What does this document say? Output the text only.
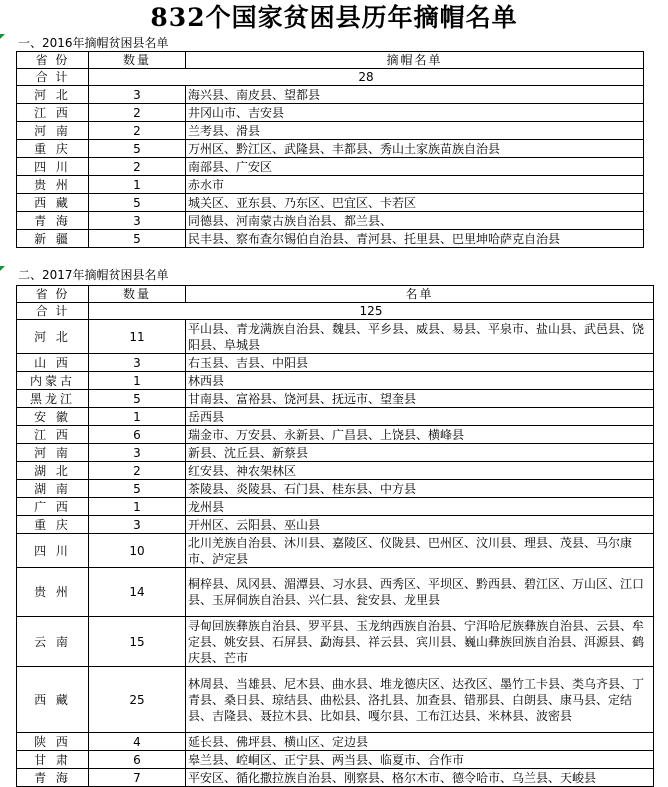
832个国家贫困县历年摘帽名单
一、2016年摘帽贫困县名单
省 份	数量	摘帽名单
合 计	28	
河 北	3	海兴县、南皮县、望都县
江 西	2	井冈山市、吉安县
河 南	2	兰考县、滑县
重 庆	5	万州区、黔江区、武隆县、丰都县、秀山土家族苗族自治县
四 川	2	南部县、广安区
贵 州	1	赤水市
西 藏	5	城关区、亚东县、乃东区、巴宜区、卡若区
青 海	3	同德县、河南蒙古族自治县、都兰县、
新 疆	5	民丰县、察布查尔锡伯自治县、青河县、托里县、巴里坤哈萨克自治县
二、2017年摘帽贫困县名单
省 份	数量	名单
合 计	125	
河 北	11	平山县、青龙满族自治县、魏县、平乡县、威县、易县、平泉市、盐山县、武邑县、饶阳县、阜城县
山 西	3	右玉县、吉县、中阳县
内蒙古	1	林西县
黑龙江	5	甘南县、富裕县、饶河县、抚远市、望奎县
安 徽	1	岳西县
江 西	6	瑞金市、万安县、永新县、广昌县、上饶县、横峰县
河 南	3	新县、沈丘县、新蔡县
湖 北	2	红安县、神农架林区
湖 南	5	茶陵县、炎陵县、石门县、桂东县、中方县
广 西	1	龙州县
重 庆	3	开州区、云阳县、巫山县
四 川	10	北川羌族自治县、沐川县、嘉陵区、仪陇县、巴州区、汶川县、理县、茂县、马尔康市、泸定县
贵 州	14	桐梓县、凤冈县、湄潭县、习水县、西秀区、平坝区、黔西县、碧江区、万山区、江口县、玉屏侗族自治县、兴仁县、瓮安县、龙里县
云 南	15	寻甸回族彝族自治县、罗平县、玉龙纳西族自治县、宁洱哈尼族彝族自治县、云县、牟定县、姚安县、石屏县、勐海县、祥云县、宾川县、巍山彝族回族自治县、洱源县、鹤庆县、芒市
西 藏	25	林周县、当雄县、尼木县、曲水县、堆龙德庆区、达孜区、墨竹工卡县、类乌齐县、丁青县、桑日县、琼结县、曲松县、洛扎县、加查县、错那县、白朗县、康马县、定结县、吉隆县、聂拉木县、比如县、嘎尔县、工布江达县、米林县、波密县
陕 西	4	延长县、佛坪县、横山区、定边县
甘 肃	6	皋兰县、崆峒区、正宁县、两当县、临夏市、合作市
青 海	7	平安区、循化撒拉族自治县、刚察县、格尔木市、德令哈市、乌兰县、天峻县
